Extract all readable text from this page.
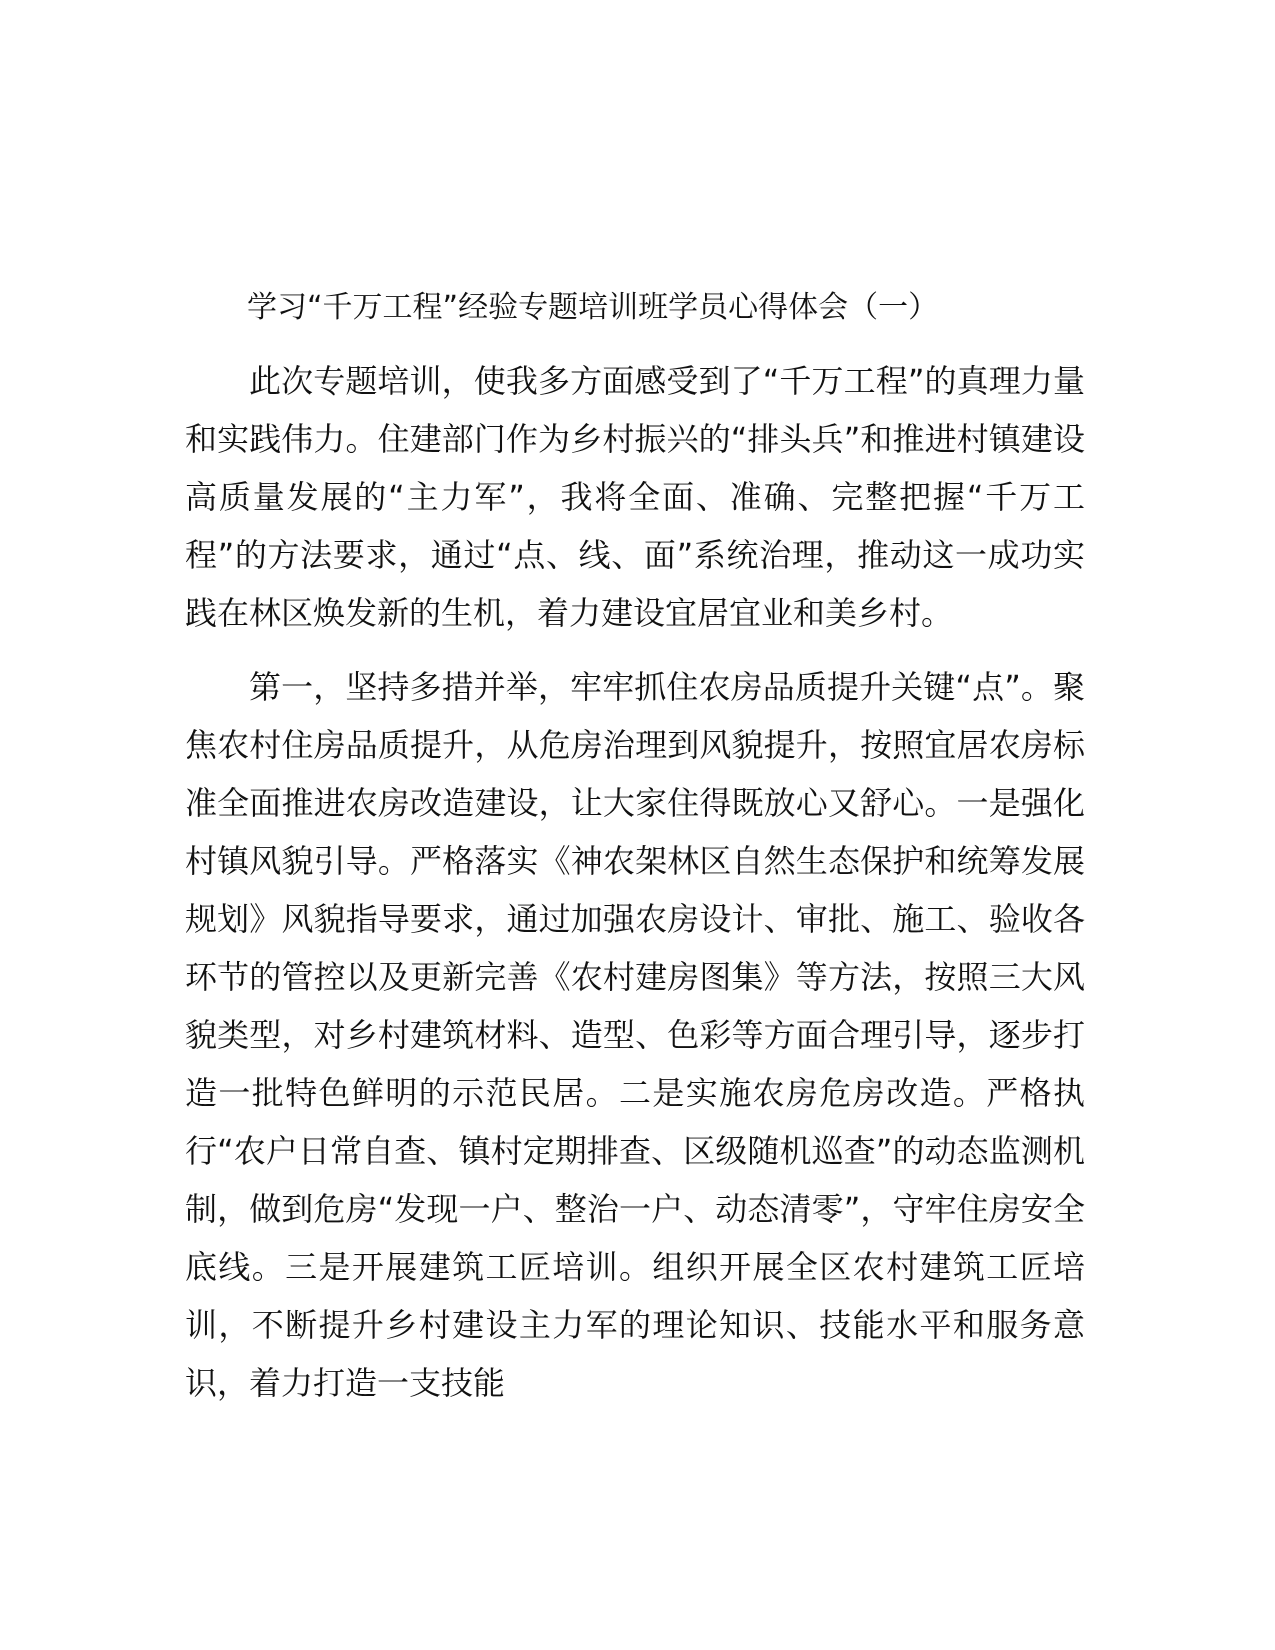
学习“千万工程”经验专题培训班学员心得体会（一）

此次专题培训，使我多方面感受到了“千万工程”的真理力量和实践伟力。住建部门作为乡村振兴的“排头兵”和推进村镇建设高质量发展的“主力军”，我将全面、准确、完整把握“千万工程”的方法要求，通过“点、线、面”系统治理，推动这一成功实践在林区焕发新的生机，着力建设宜居宜业和美乡村。

第一，坚持多措并举，牢牢抓住农房品质提升关键“点”。聚焦农村住房品质提升，从危房治理到风貌提升，按照宜居农房标准全面推进农房改造建设，让大家住得既放心又舒心。一是强化村镇风貌引导。严格落实《神农架林区自然生态保护和统筹发展规划》风貌指导要求，通过加强农房设计、审批、施工、验收各环节的管控以及更新完善《农村建房图集》等方法，按照三大风貌类型，对乡村建筑材料、造型、色彩等方面合理引导，逐步打造一批特色鲜明的示范民居。二是实施农房危房改造。严格执行“农户日常自查、镇村定期排查、区级随机巡查”的动态监测机制，做到危房“发现一户、整治一户、动态清零”，守牢住房安全底线。三是开展建筑工匠培训。组织开展全区农村建筑工匠培训，不断提升乡村建设主力军的理论知识、技能水平和服务意识，着力打造一支技能
